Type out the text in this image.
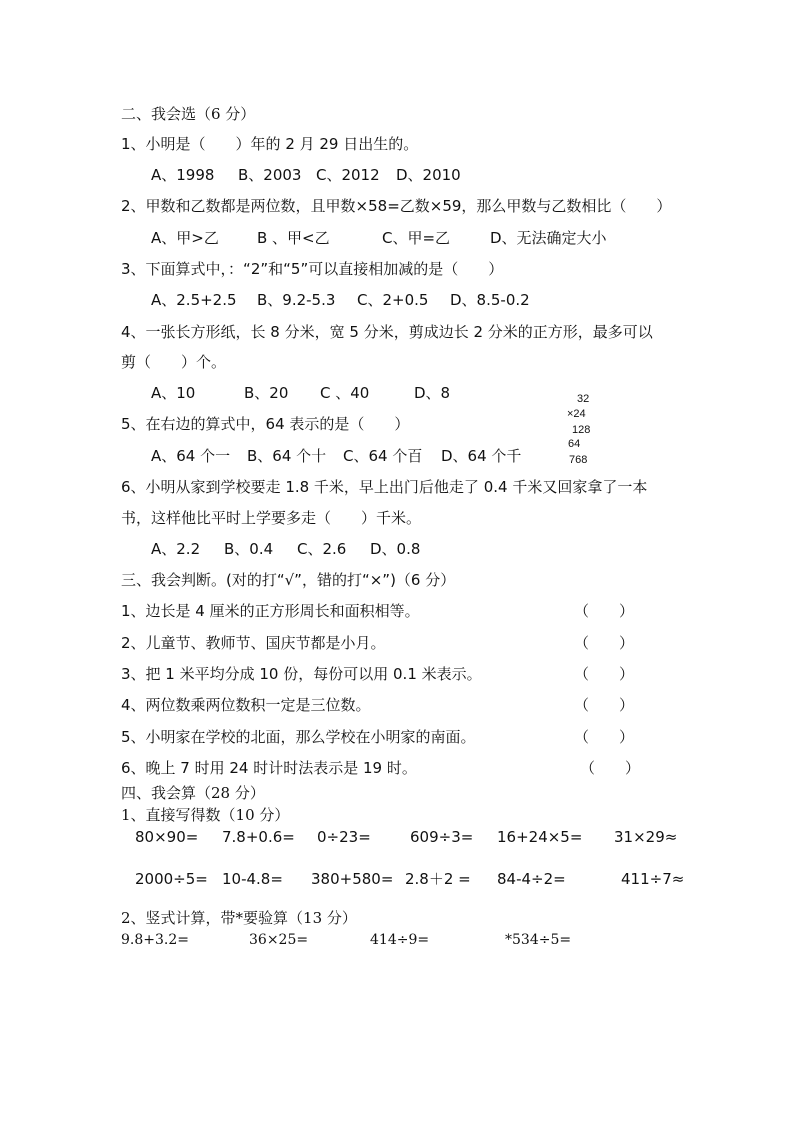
二、我会选（6 分）
1、小明是（　　）年的 2 月 29 日出生的。
A、1998 B、2003 C、2012 D、2010
2、甲数和乙数都是两位数，且甲数×58=乙数×59，那么甲数与乙数相比（　　）
A、甲>乙	B 、甲<乙	C、甲=乙	D、无法确定大小
3、下面算式中，：“2”和“5”可以直接相加减的是（　　）
A、2.5+2.5 B、9.2-5.3 C、2+0.5 D、8.5-0.2
4、一张长方形纸，长 8 分米，宽 5 分米，剪成边长 2 分米的正方形，最多可以
剪（　　）个。
A、10	B、20 C 、40	D、8
5、在右边的算式中，64 表示的是（　　）
A、64 个一 B、64 个十 C、64 个百 D、64 个千
32
×24
128
64
768
6、小明从家到学校要走 1.8 千米，早上出门后他走了 0.4 千米又回家拿了一本
书，这样他比平时上学要多走（　　）千米。
A、2.2 B、0.4 C、2.6 D、0.8
三、我会判断。(对的打“√”，错的打“×”)（6 分）
1、边长是 4 厘米的正方形周长和面积相等。	（　　）
2、儿童节、教师节、国庆节都是小月。	（　　）
3、把 1 米平均分成 10 份，每份可以用 0.1 米表示。	（　　）
4、两位数乘两位数积一定是三位数。	（　　）
5、小明家在学校的北面，那么学校在小明家的南面。	（　　）
6、晚上 7 时用 24 时计时法表示是 19 时。	（　　）
四、我会算（28 分）
1、直接写得数（10 分）
80×90= 7.8+0.6= 0÷23=	609÷3= 16+24×5= 31×29≈
2000÷5= 10-4.8= 380+580= 2.8＋2 = 84-4÷2=	411÷7≈
2、竖式计算，带*要验算（13 分）
9.8+3.2=	36×25=	414÷9=	*534÷5=
